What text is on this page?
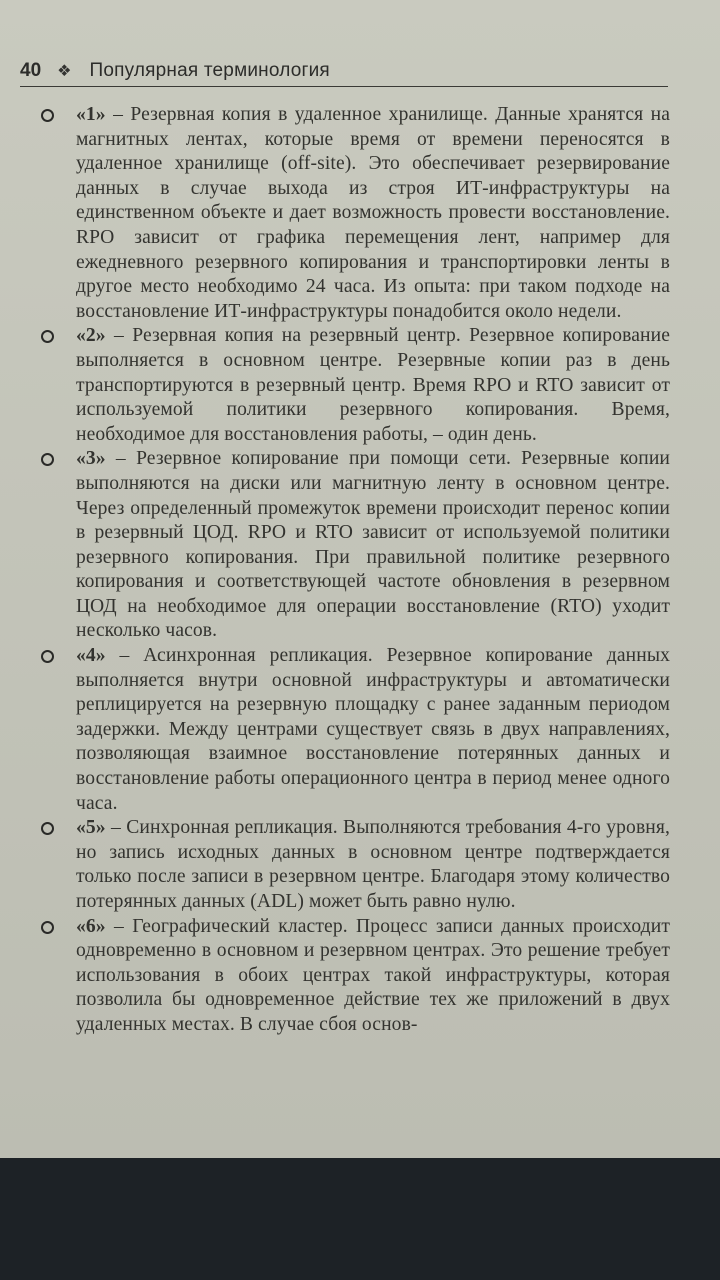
40 ❖ Популярная терминология
«1» – Резервная копия в удаленное хранилище. Данные хранятся на магнитных лентах, которые время от времени переносятся в удаленное хранилище (off-site). Это обеспечивает резервирование данных в случае выхода из строя ИТ-инфраструктуры на единственном объекте и дает возможность провести восстановление. RPO зависит от графика перемещения лент, например для ежедневного резервного копирования и транспортировки ленты в другое место необходимо 24 часа. Из опыта: при таком подходе на восстановление ИТ-инфраструктуры понадобится около недели.
«2» – Резервная копия на резервный центр. Резервное копирование выполняется в основном центре. Резервные копии раз в день транспортируются в резервный центр. Время RPO и RTO зависит от используемой политики резервного копирования. Время, необходимое для восстановления работы, – один день.
«3» – Резервное копирование при помощи сети. Резервные копии выполняются на диски или магнитную ленту в основном центре. Через определенный промежуток времени происходит перенос копии в резервный ЦОД. RPO и RTO зависит от используемой политики резервного копирования. При правильной политике резервного копирования и соответствующей частоте обновления в резервном ЦОД на необходимое для операции восстановление (RTO) уходит несколько часов.
«4» – Асинхронная репликация. Резервное копирование данных выполняется внутри основной инфраструктуры и автоматически реплицируется на резервную площадку с ранее заданным периодом задержки. Между центрами существует связь в двух направлениях, позволяющая взаимное восстановление потерянных данных и восстановление работы операционного центра в период менее одного часа.
«5» – Синхронная репликация. Выполняются требования 4-го уровня, но запись исходных данных в основном центре подтверждается только после записи в резервном центре. Благодаря этому количество потерянных данных (ADL) может быть равно нулю.
«6» – Географический кластер. Процесс записи данных происходит одновременно в основном и резервном центрах. Это решение требует использования в обоих центрах такой инфраструктуры, которая позволила бы одновременное действие тех же приложений в двух удаленных местах. В случае сбоя основ-
